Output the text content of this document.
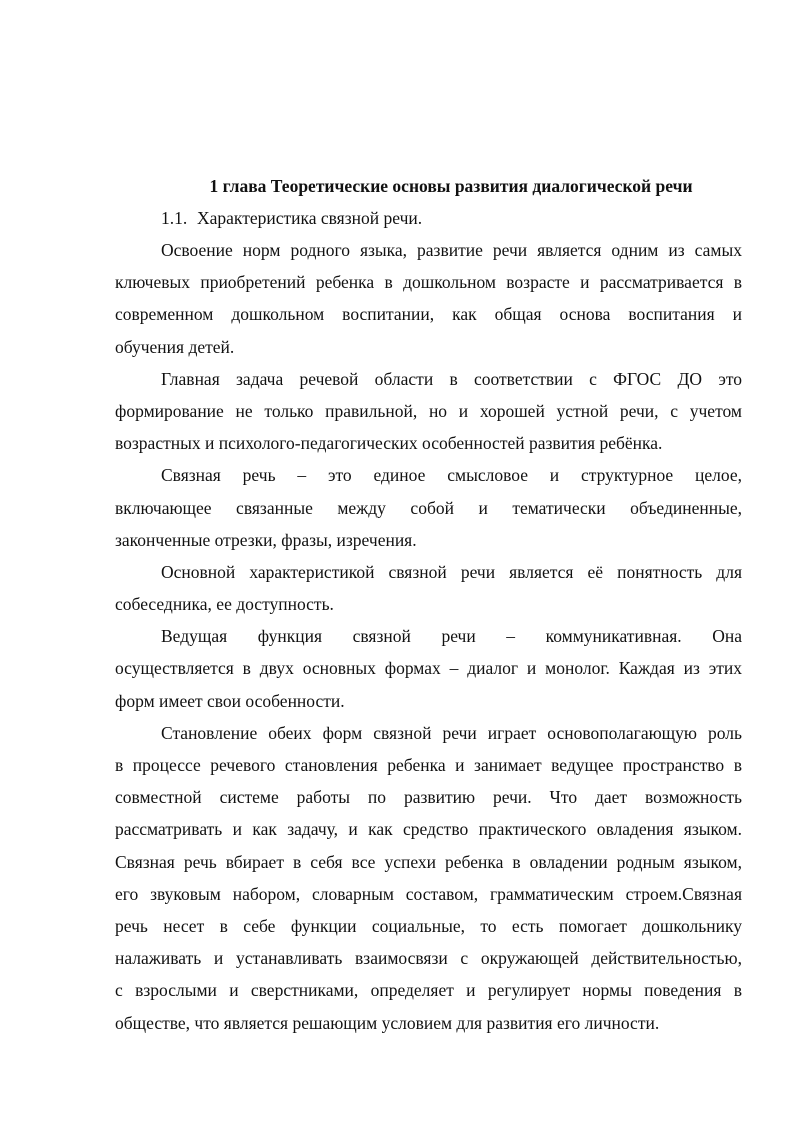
1 глава Теоретические основы развития диалогической речи
1.1. Характеристика связной речи.
Освоение норм родного языка, развитие речи является одним из самых
ключевых приобретений ребенка в дошкольном возрасте и рассматривается в
современном дошкольном воспитании, как общая основа воспитания и
обучения детей.
Главная задача речевой области в соответствии с ФГОС ДО это
формирование не только правильной, но и хорошей устной речи, с учетом
возрастных и психолого-педагогических особенностей развития ребёнка.
Связная речь – это единое смысловое и структурное целое,
включающее связанные между собой и тематически объединенные,
законченные отрезки, фразы, изречения.
Основной характеристикой связной речи является её понятность для
собеседника, ее доступность.
Ведущая функция связной речи – коммуникативная. Она
осуществляется в двух основных формах – диалог и монолог. Каждая из этих
форм имеет свои особенности.
Становление обеих форм связной речи играет основополагающую роль
в процессе речевого становления ребенка и занимает ведущее пространство в
совместной системе работы по развитию речи. Что дает возможность
рассматривать и как задачу, и как средство практического овладения языком.
Связная речь вбирает в себя все успехи ребенка в овладении родным языком,
его звуковым набором, словарным составом, грамматическим строем.Связная
речь несет в себе функции социальные, то есть помогает дошкольнику
налаживать и устанавливать взаимосвязи с окружающей действительностью,
с взрослыми и сверстниками, определяет и регулирует нормы поведения в
обществе, что является решающим условием для развития его личности.
